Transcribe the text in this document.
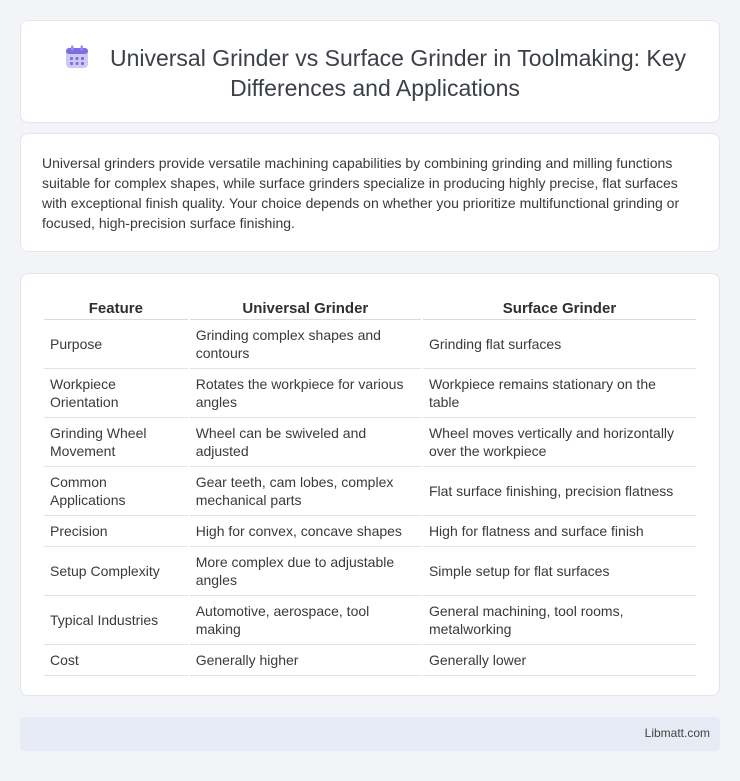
Universal Grinder vs Surface Grinder in Toolmaking: Key Differences and Applications

Universal grinders provide versatile machining capabilities by combining grinding and milling functions suitable for complex shapes, while surface grinders specialize in producing highly precise, flat surfaces with exceptional finish quality. Your choice depends on whether you prioritize multifunctional grinding or focused, high-precision surface finishing.

Feature	Universal Grinder	Surface Grinder
Purpose	Grinding complex shapes and contours	Grinding flat surfaces
Workpiece Orientation	Rotates the workpiece for various angles	Workpiece remains stationary on the table
Grinding Wheel Movement	Wheel can be swiveled and adjusted	Wheel moves vertically and horizontally over the workpiece
Common Applications	Gear teeth, cam lobes, complex mechanical parts	Flat surface finishing, precision flatness
Precision	High for convex, concave shapes	High for flatness and surface finish
Setup Complexity	More complex due to adjustable angles	Simple setup for flat surfaces
Typical Industries	Automotive, aerospace, tool making	General machining, tool rooms, metalworking
Cost	Generally higher	Generally lower
Libmatt.com
